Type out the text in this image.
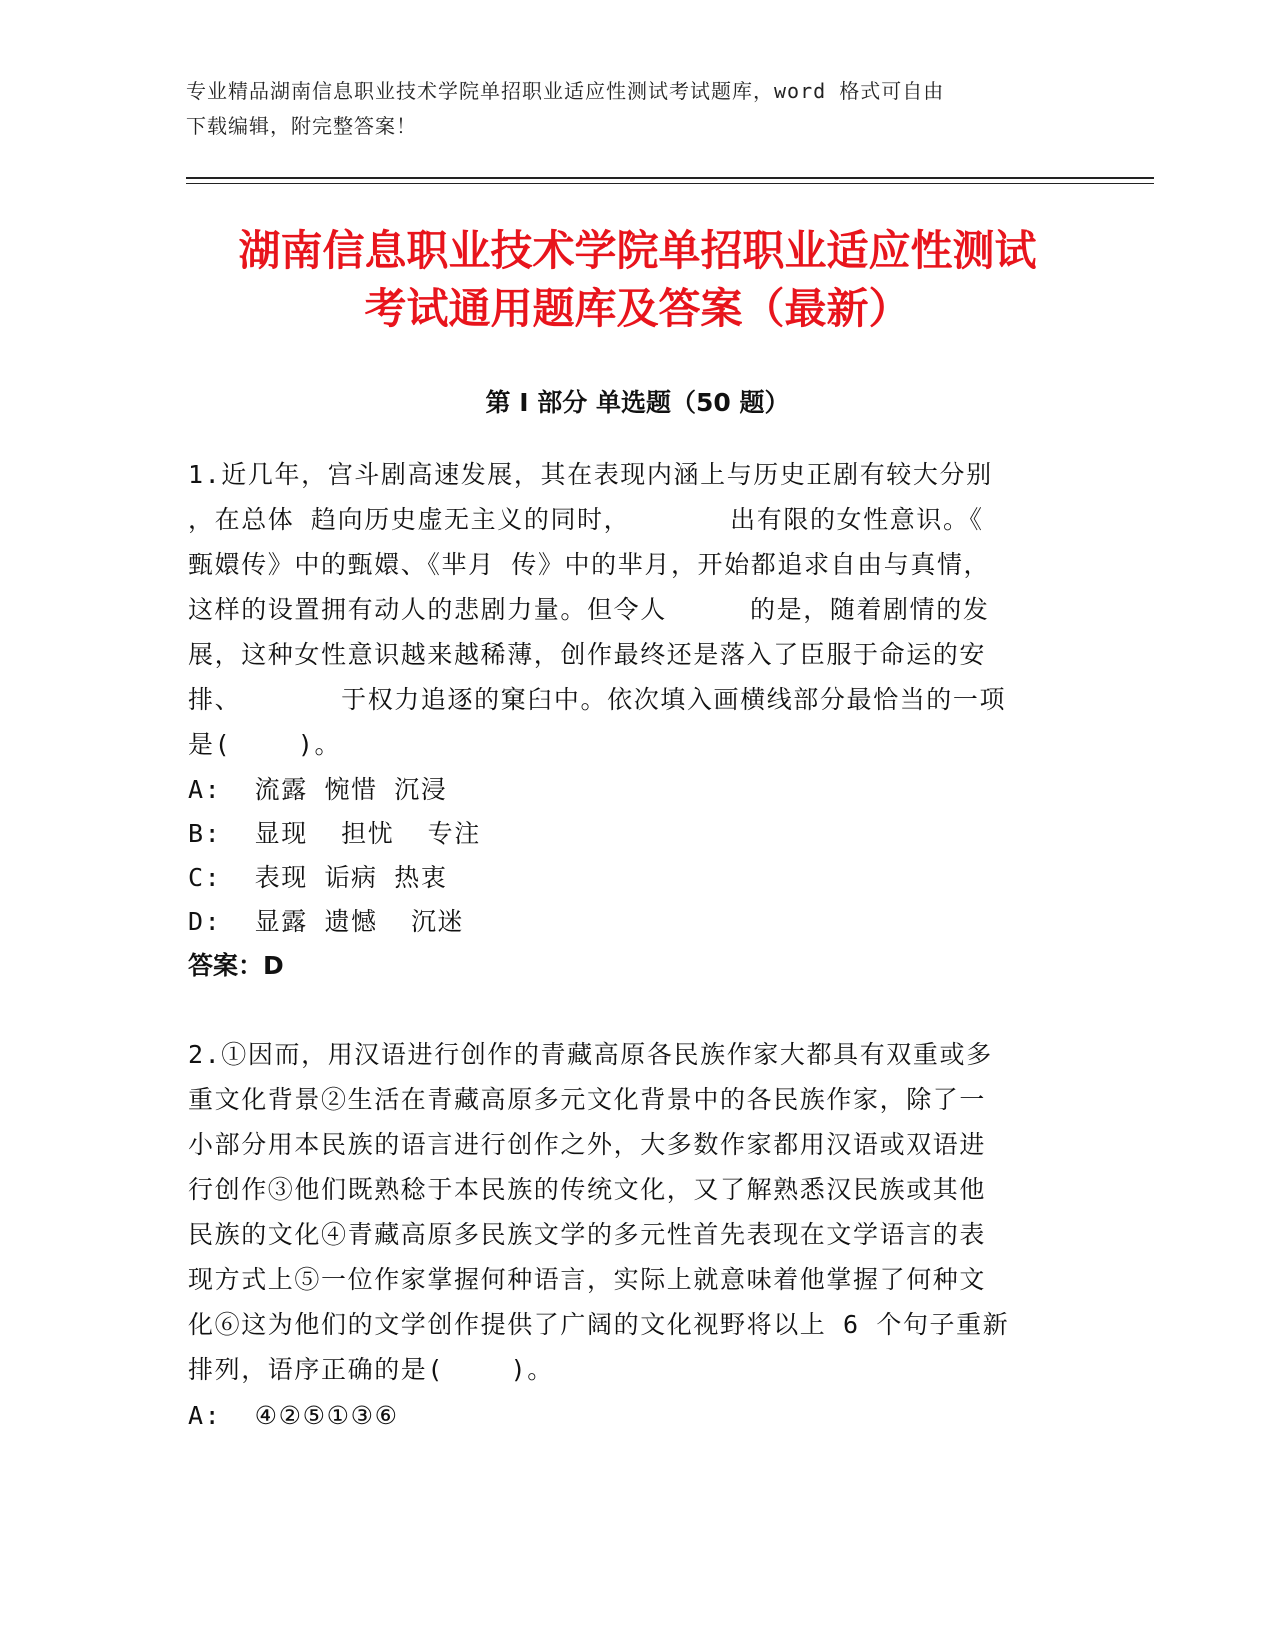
专业精品湖南信息职业技术学院单招职业适应性测试考试题库，word 格式可自由
下载编辑，附完整答案！
湖南信息职业技术学院单招职业适应性测试
考试通用题库及答案（最新）
第 I 部分 单选题（50 题）
1.近几年，宫斗剧高速发展，其在表现内涵上与历史正剧有较大分别
，在总体 趋向历史虚无主义的同时，      出有限的女性意识。《
甄嬛传》中的甄嬛、《芈月 传》中的芈月，开始都追求自由与真情，
这样的设置拥有动人的悲剧力量。但令人     的是，随着剧情的发
展，这种女性意识越来越稀薄，创作最终还是落入了臣服于命运的安
排、      于权力追逐的窠臼中。依次填入画横线部分最恰当的一项
是(    )。
A:  流露 惋惜 沉浸
B:  显现  担忧  专注
C:  表现 诟病 热衷
D:  显露 遗憾  沉迷
答案：D
2.①因而，用汉语进行创作的青藏高原各民族作家大都具有双重或多
重文化背景②生活在青藏高原多元文化背景中的各民族作家，除了一
小部分用本民族的语言进行创作之外，大多数作家都用汉语或双语进
行创作③他们既熟稔于本民族的传统文化，又了解熟悉汉民族或其他
民族的文化④青藏高原多民族文学的多元性首先表现在文学语言的表
现方式上⑤一位作家掌握何种语言，实际上就意味着他掌握了何种文
化⑥这为他们的文学创作提供了广阔的文化视野将以上 6 个句子重新
排列，语序正确的是(    )。
A:  ④②⑤①③⑥
